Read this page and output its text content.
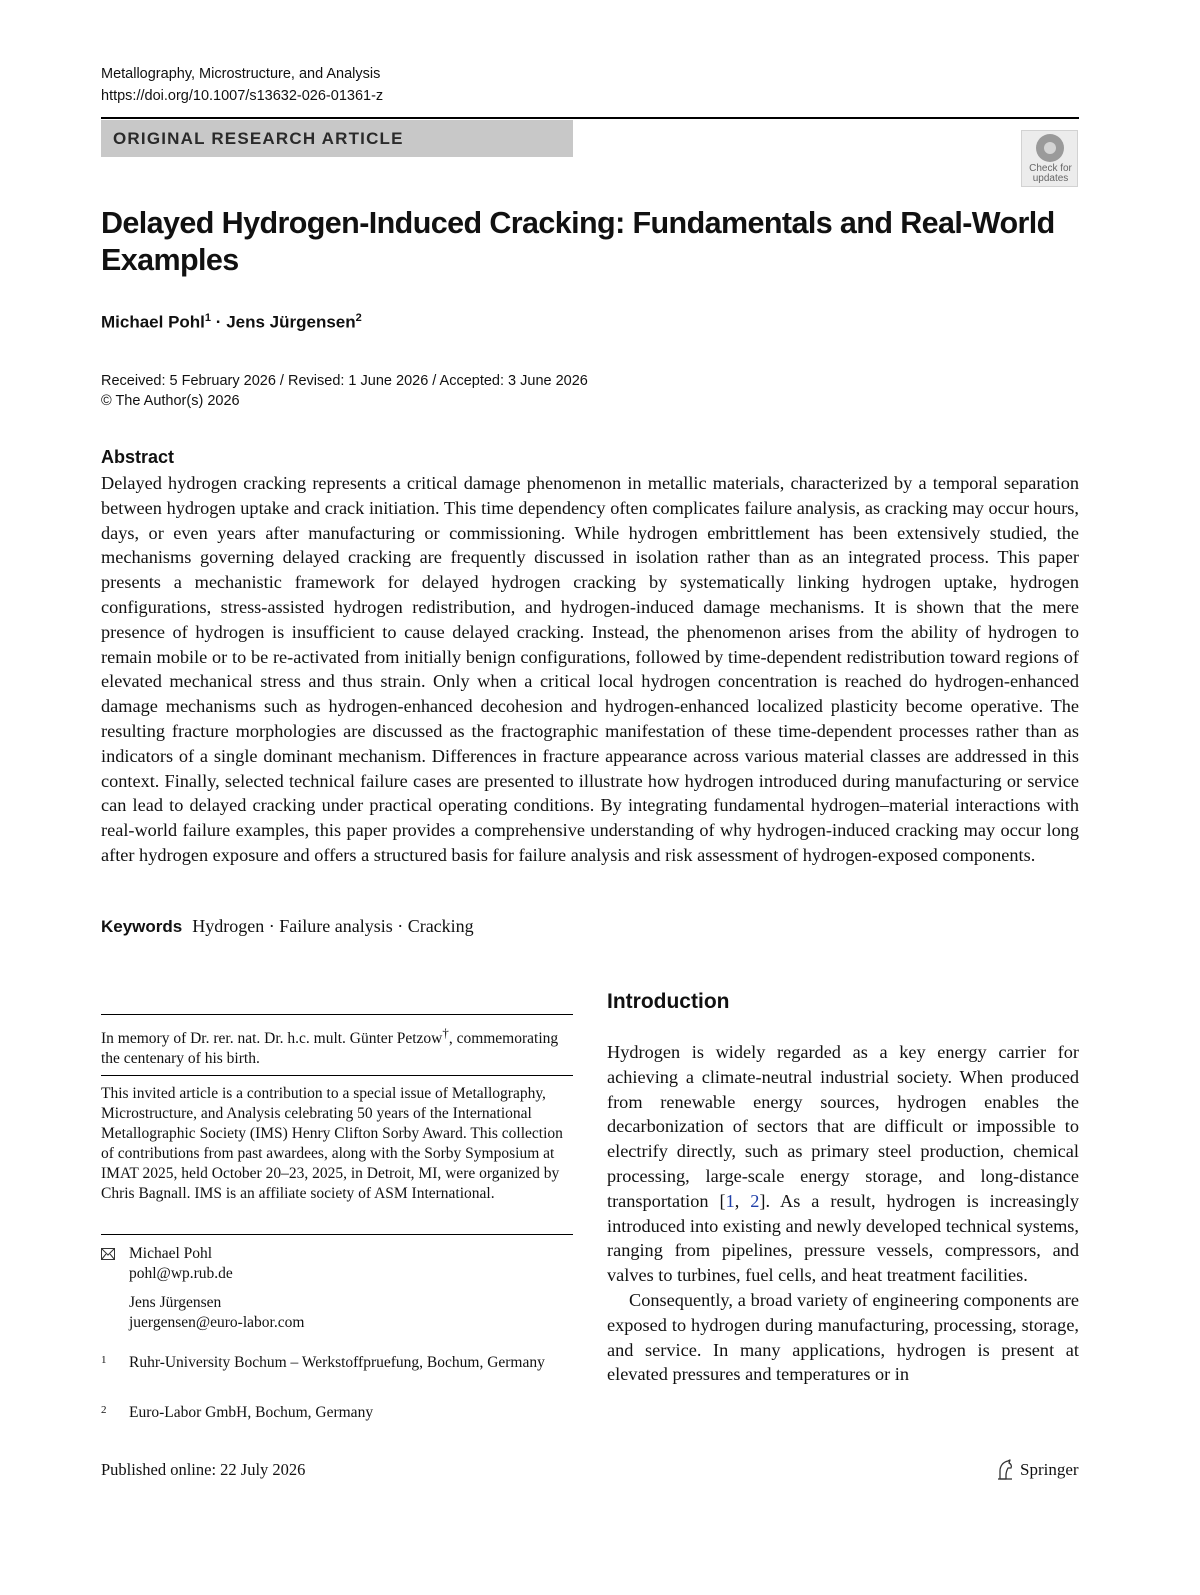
Metallography, Microstructure, and Analysis
https://doi.org/10.1007/s13632-026-01361-z
ORIGINAL RESEARCH ARTICLE
Check for
updates
Delayed Hydrogen-Induced Cracking: Fundamentals and Real-World Examples
Michael Pohl$^1$ · Jens Jürgensen$^2$
Received: 5 February 2026 / Revised: 1 June 2026 / Accepted: 3 June 2026
© The Author(s) 2026
Abstract

Delayed hydrogen cracking represents a critical damage phenomenon in metallic materials, characterized by a temporal separation between hydrogen uptake and crack initiation. This time dependency often complicates failure analysis, as cracking may occur hours, days, or even years after manufacturing or commissioning. While hydrogen embrittlement has been extensively studied, the mechanisms governing delayed cracking are frequently discussed in isolation rather than as an integrated process. This paper presents a mechanistic framework for delayed hydrogen cracking by systematically linking hydrogen uptake, hydrogen configurations, stress-assisted hydrogen redistribution, and hydrogen-induced damage mechanisms. It is shown that the mere presence of hydrogen is insufficient to cause delayed cracking. Instead, the phenomenon arises from the ability of hydrogen to remain mobile or to be re-activated from initially benign configurations, followed by time-dependent redistribution toward regions of elevated mechanical stress and thus strain. Only when a critical local hydrogen concentration is reached do hydrogen-enhanced damage mechanisms such as hydrogen-enhanced decohesion and hydrogen-enhanced localized plasticity become operative. The resulting fracture morphologies are discussed as the fractographic manifestation of these time-dependent processes rather than as indicators of a single dominant mechanism. Differences in fracture appearance across various material classes are addressed in this context. Finally, selected technical failure cases are presented to illustrate how hydrogen introduced during manufacturing or service can lead to delayed cracking under practical operating conditions. By integrating fundamental hydrogen–material interactions with real-world failure examples, this paper provides a comprehensive understanding of why hydrogen-induced cracking may occur long after hydrogen exposure and offers a structured basis for failure analysis and risk assessment of hydrogen-exposed components.

Keywords Hydrogen · Failure analysis · Cracking

In memory of Dr. rer. nat. Dr. h.c. mult. Günter Petzow†, commemorating the centenary of his birth.

This invited article is a contribution to a special issue of Metallography, Microstructure, and Analysis celebrating 50 years of the International Metallographic Society (IMS) Henry Clifton Sorby Award. This collection of contributions from past awardees, along with the Sorby Symposium at IMAT 2025, held October 20–23, 2025, in Detroit, MI, were organized by Chris Bagnall. IMS is an affiliate society of ASM International.

Michael Pohl
pohl@wp.rub.de
Jens Jürgensen
juergensen@euro-labor.com
1 Ruhr-University Bochum – Werkstoffpruefung, Bochum, Germany
2 Euro-Labor GmbH, Bochum, Germany
Introduction

Hydrogen is widely regarded as a key energy carrier for achieving a climate-neutral industrial society. When produced from renewable energy sources, hydrogen enables the decarbonization of sectors that are difficult or impossible to electrify directly, such as primary steel production, chemical processing, large-scale energy storage, and long-distance transportation [1, 2]. As a result, hydrogen is increasingly introduced into existing and newly developed technical systems, ranging from pipelines, pressure vessels, compressors, and valves to turbines, fuel cells, and heat treatment facilities.

Consequently, a broad variety of engineering components are exposed to hydrogen during manufacturing, processing, storage, and service. In many applications, hydrogen is present at elevated pressures and temperatures or in

Published online: 22 July 2026	Springer
